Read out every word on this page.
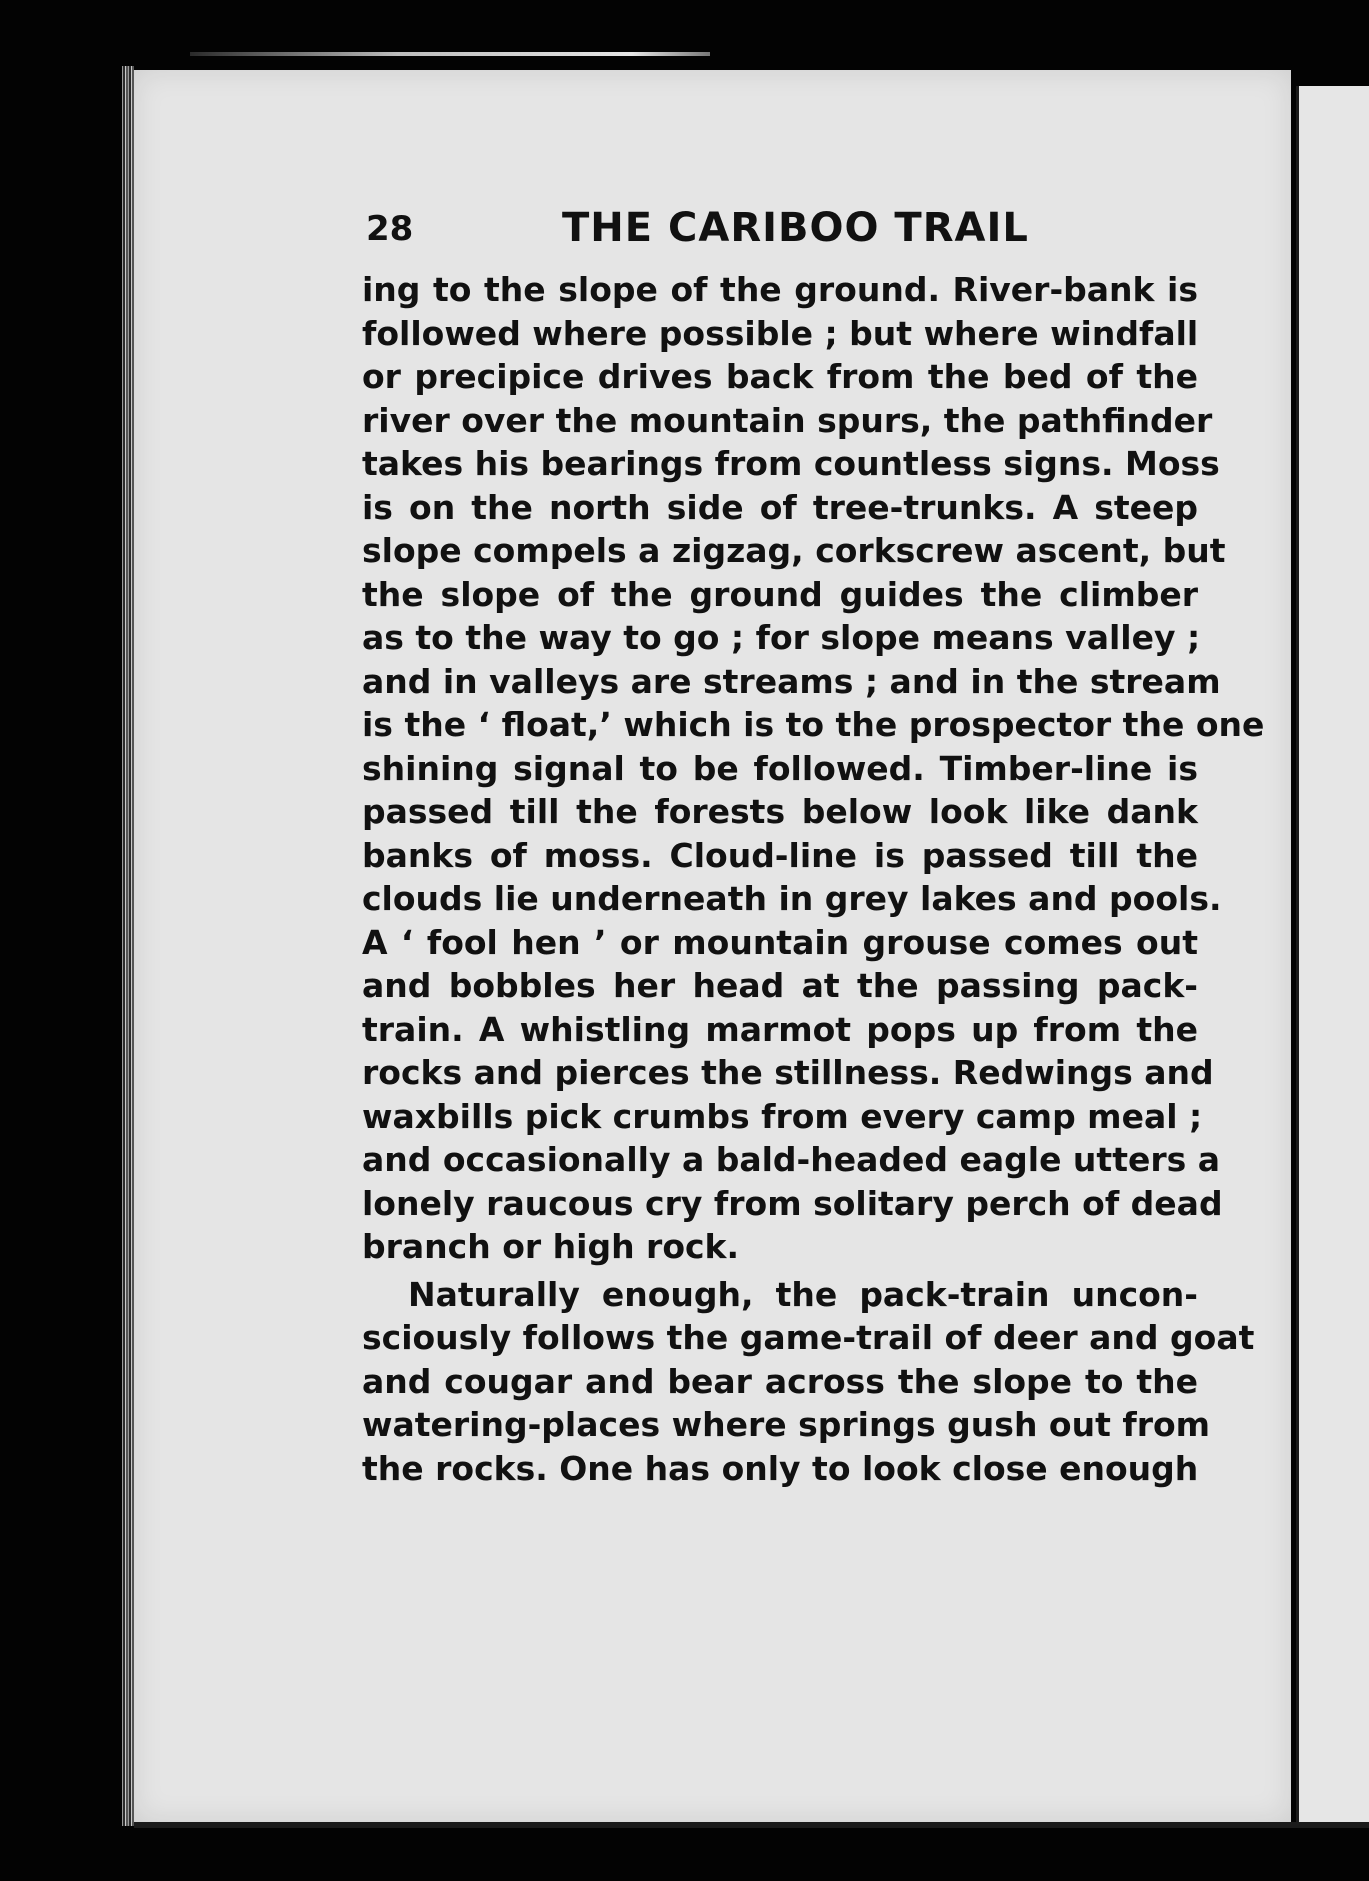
28	THE CARIBOO TRAIL
ing to the slope of the ground. River-bank is
followed where possible ; but where windfall
or precipice drives back from the bed of the
river over the mountain spurs, the pathfinder
takes his bearings from countless signs. Moss
is on the north side of tree-trunks. A steep
slope compels a zigzag, corkscrew ascent, but
the slope of the ground guides the climber
as to the way to go ; for slope means valley ;
and in valleys are streams ; and in the stream
is the ‘ float,’ which is to the prospector the one
shining signal to be followed. Timber-line is
passed till the forests below look like dank
banks of moss. Cloud-line is passed till the
clouds lie underneath in grey lakes and pools.
A ‘ fool hen ’ or mountain grouse comes out
and bobbles her head at the passing pack-
train. A whistling marmot pops up from the
rocks and pierces the stillness. Redwings and
waxbills pick crumbs from every camp meal ;
and occasionally a bald-headed eagle utters a
lonely raucous cry from solitary perch of dead
branch or high rock.
Naturally enough, the pack-train uncon-
sciously follows the game-trail of deer and goat
and cougar and bear across the slope to the
watering-places where springs gush out from
the rocks. One has only to look close enough
